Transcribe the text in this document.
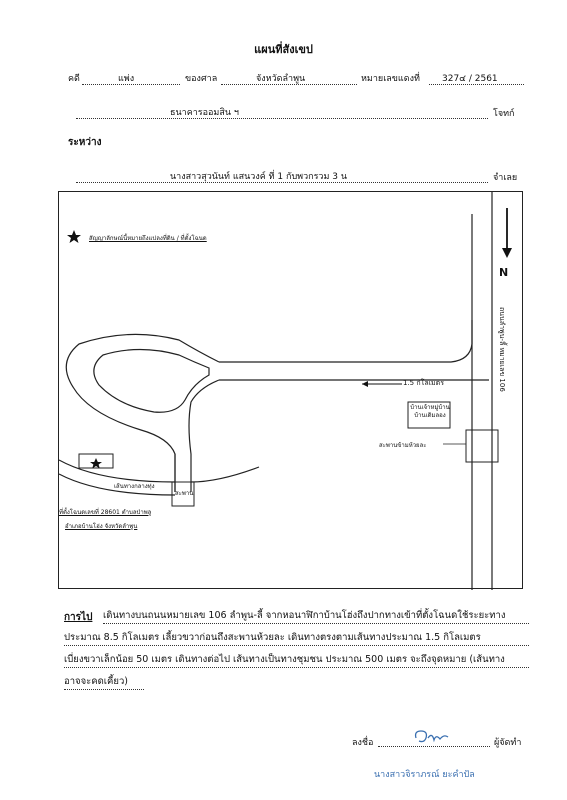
แผนที่สังเขป
คดี	แพ่ง	ของศาล	จังหวัดลำพูน	หมายเลขแดงที่ 327๔ / 2561
ธนาคารออมสิน ฯ	โจทก์
ระหว่าง
นางสาวสุวนันท์ แสนวงค์ ที่ 1 กับพวกรวม 3 น	จำเลย
สัญญาลักษณ์นี้หมายถึงแปลงที่ดิน / ที่ตั้งโฉนด
N
ถนนลำพูน-ลี้ หมายเลข 106
1.5 กิโลเมตร
บ้านเจ้าหมู่บ้าน บ้านเดิมลอง
สะพานข้ามห้วยละ
สะพาน
เส้นทางกลางทุ่ง
ที่ตั้งโฉนดเลขที่ 28601 ตำบลป่าพลู
อำเภอบ้านโฮ่ง จังหวัดลำพูน
การไป เดินทางบนถนนหมายเลข 106 ลำพูน-ลี้ จากหอนาฬิกาบ้านโฮ่งถึงปากทางเข้าที่ตั้งโฉนดใช้ระยะทาง
ประมาณ 8.5 กิโลเมตร เลี้ยวขวาก่อนถึงสะพานห้วยละ เดินทางตรงตามเส้นทางประมาณ 1.5 กิโลเมตร
เบี่ยงขวาเล็กน้อย 50 เมตร เดินทางต่อไป เส้นทางเป็นทางชุมชน ประมาณ 500 เมตร จะถึงจุดหมาย (เส้นทาง
อาจจะคดเคี้ยว)
ลงชื่อ	ผู้จัดทำ
นางสาวจิราภรณ์ ยะคำปัล
